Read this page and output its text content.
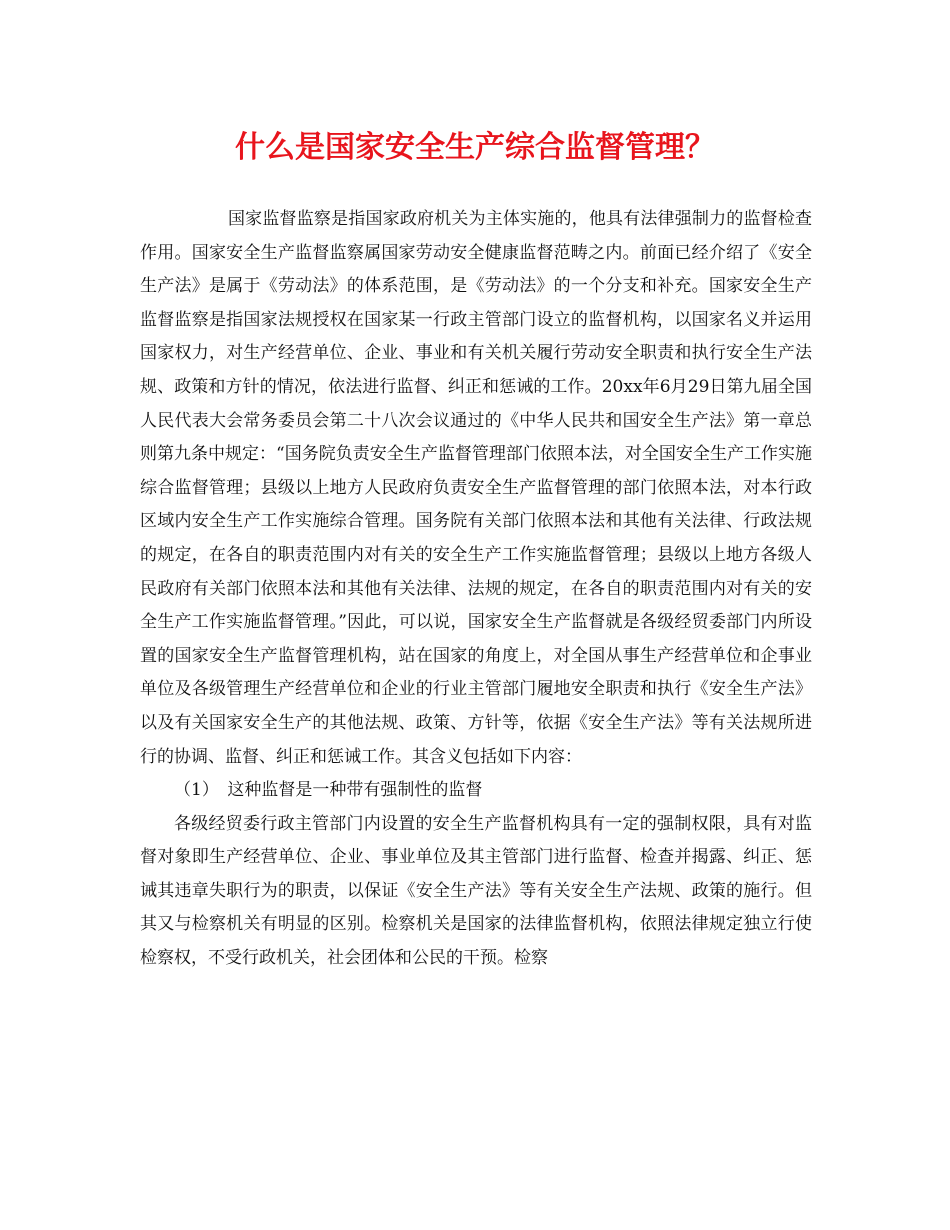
什么是国家安全生产综合监督管理？

国家监督监察是指国家政府机关为主体实施的，他具有法律强制力的监督检查作用。国家安全生产监督监察属国家劳动安全健康监督范畴之内。前面已经介绍了《安全生产法》是属于《劳动法》的体系范围，是《劳动法》的一个分支和补充。国家安全生产监督监察是指国家法规授权在国家某一行政主管部门设立的监督机构，以国家名义并运用国家权力，对生产经营单位、企业、事业和有关机关履行劳动安全职责和执行安全生产法规、政策和方针的情况，依法进行监督、纠正和惩诫的工作。20xx年6月29日第九届全国人民代表大会常务委员会第二十八次会议通过的《中华人民共和国安全生产法》第一章总则第九条中规定：“国务院负责安全生产监督管理部门依照本法，对全国安全生产工作实施综合监督管理；县级以上地方人民政府负责安全生产监督管理的部门依照本法，对本行政区域内安全生产工作实施综合管理。国务院有关部门依照本法和其他有关法律、行政法规的规定，在各自的职责范围内对有关的安全生产工作实施监督管理；县级以上地方各级人民政府有关部门依照本法和其他有关法律、法规的规定，在各自的职责范围内对有关的安全生产工作实施监督管理。”因此，可以说，国家安全生产监督就是各级经贸委部门内所设置的国家安全生产监督管理机构，站在国家的角度上，对全国从事生产经营单位和企事业单位及各级管理生产经营单位和企业的行业主管部门履地安全职责和执行《安全生产法》以及有关国家安全生产的其他法规、政策、方针等，依据《安全生产法》等有关法规所进行的协调、监督、纠正和惩诫工作。其含义包括如下内容：

（1）　这种监督是一种带有强制性的监督

各级经贸委行政主管部门内设置的安全生产监督机构具有一定的强制权限，具有对监督对象即生产经营单位、企业、事业单位及其主管部门进行监督、检查并揭露、纠正、惩诫其违章失职行为的职责，以保证《安全生产法》等有关安全生产法规、政策的施行。但其又与检察机关有明显的区别。检察机关是国家的法律监督机构，依照法律规定独立行使检察权，不受行政机关，社会团体和公民的干预。检察
